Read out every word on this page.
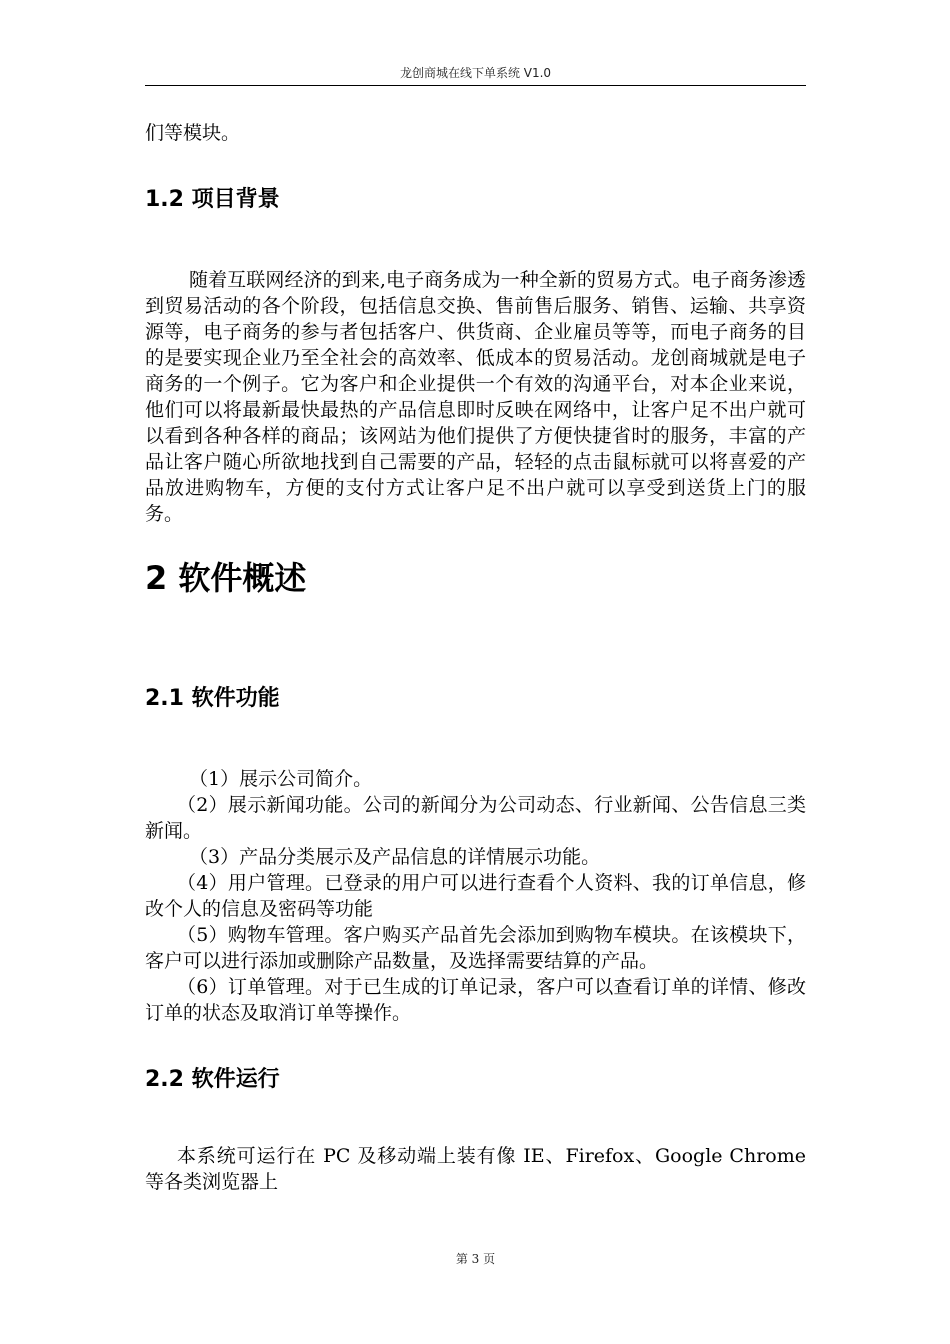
龙创商城在线下单系统 V1.0

们等模块。

1.2 项目背景

随着互联网经济的到来,电子商务成为一种全新的贸易方式。电子商务渗透到贸易活动的各个阶段，包括信息交换、售前售后服务、销售、运输、共享资源等，电子商务的参与者包括客户、供货商、企业雇员等等，而电子商务的目的是要实现企业乃至全社会的高效率、低成本的贸易活动。龙创商城就是电子商务的一个例子。它为客户和企业提供一个有效的沟通平台，对本企业来说，他们可以将最新最快最热的产品信息即时反映在网络中，让客户足不出户就可以看到各种各样的商品；该网站为他们提供了方便快捷省时的服务，丰富的产品让客户随心所欲地找到自己需要的产品，轻轻的点击鼠标就可以将喜爱的产品放进购物车，方便的支付方式让客户足不出户就可以享受到送货上门的服务。

2 软件概述
2.1 软件功能

（1）展示公司简介。

（2）展示新闻功能。公司的新闻分为公司动态、行业新闻、公告信息三类新闻。

（3）产品分类展示及产品信息的详情展示功能。

（4）用户管理。已登录的用户可以进行查看个人资料、我的订单信息，修改个人的信息及密码等功能

（5）购物车管理。客户购买产品首先会添加到购物车模块。在该模块下，客户可以进行添加或删除产品数量，及选择需要结算的产品。

（6）订单管理。对于已生成的订单记录，客户可以查看订单的详情、修改订单的状态及取消订单等操作。

2.2 软件运行

本系统可运行在 PC 及移动端上装有像 IE、Firefox、Google Chrome 等各类浏览器上

第 3 页
